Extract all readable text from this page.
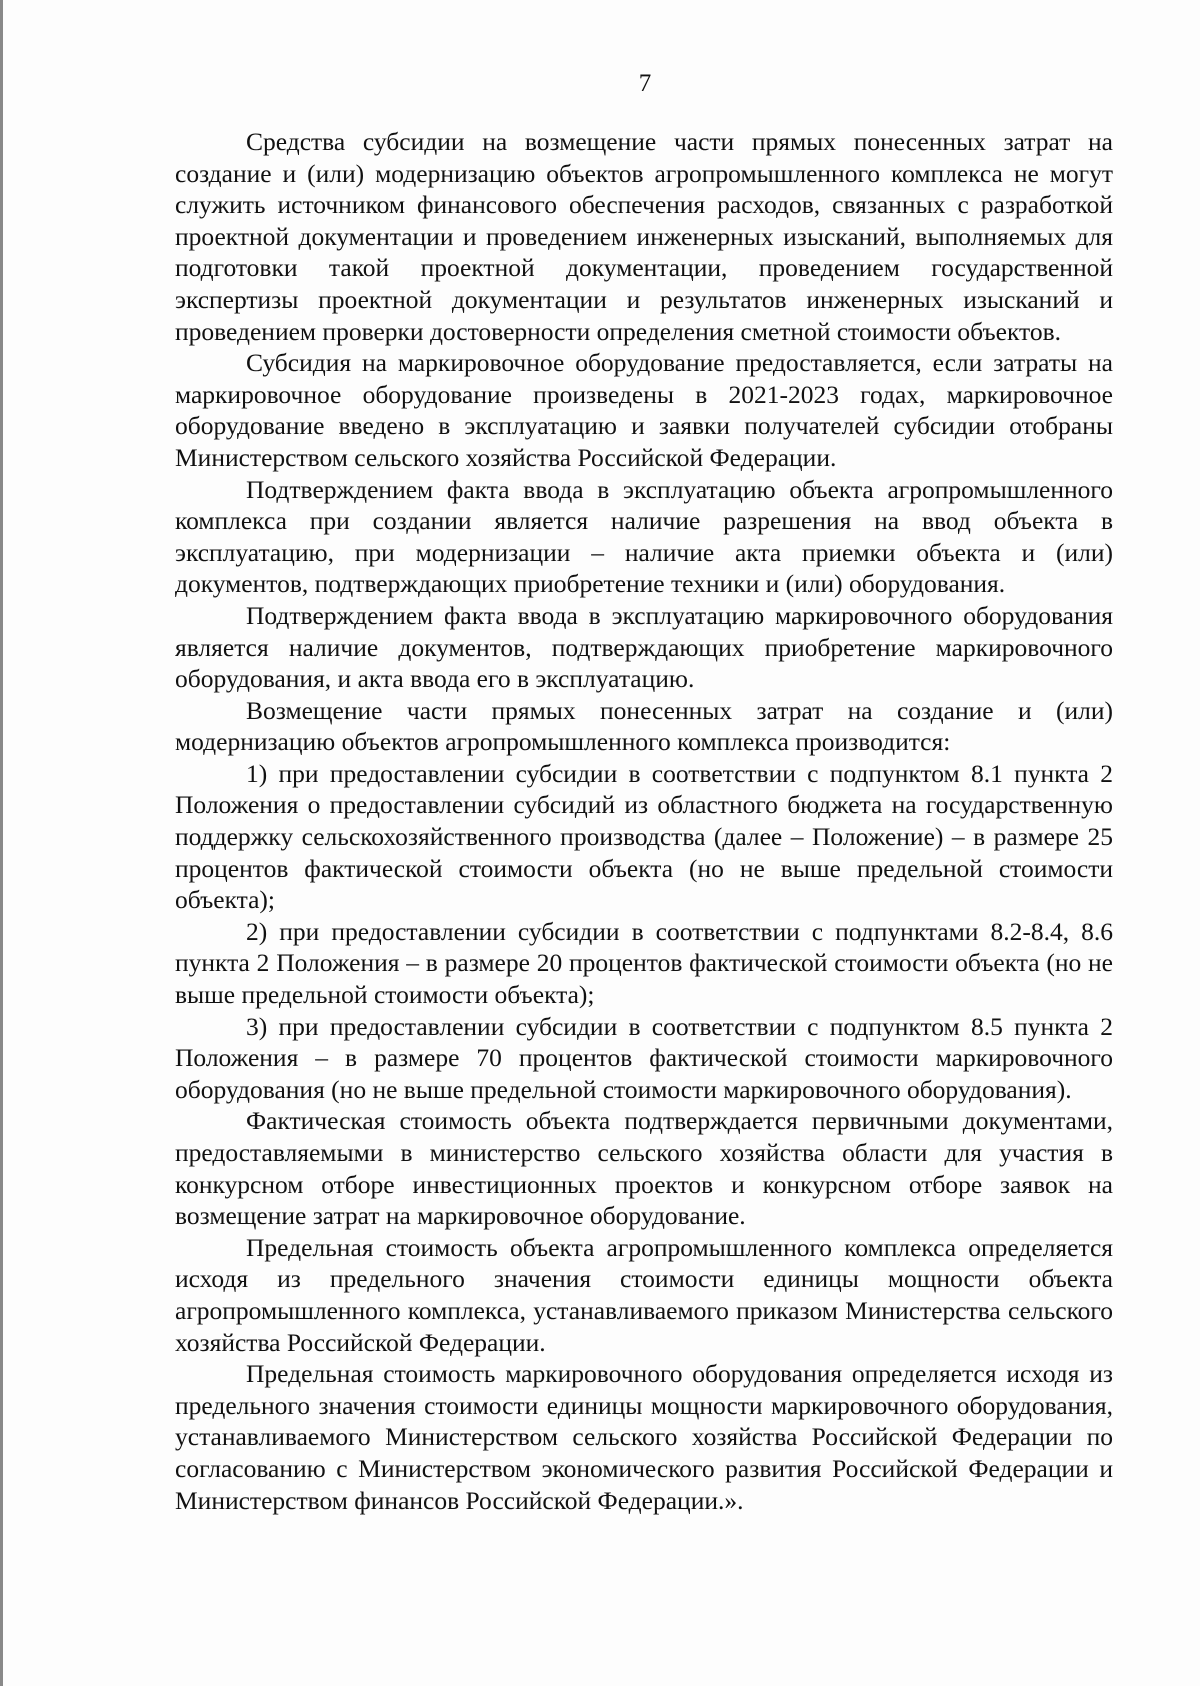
7

Средства субсидии на возмещение части прямых понесенных затрат на создание и (или) модернизацию объектов агропромышленного комплекса не могут служить источником финансового обеспечения расходов, связанных с разработкой проектной документации и проведением инженерных изысканий, выполняемых для подготовки такой проектной документации, проведением государственной экспертизы проектной документации и результатов инженерных изысканий и проведением проверки достоверности определения сметной стоимости объектов.

Субсидия на маркировочное оборудование предоставляется, если затраты на маркировочное оборудование произведены в 2021-2023 годах, маркировочное оборудование введено в эксплуатацию и заявки получателей субсидии отобраны Министерством сельского хозяйства Российской Федерации.

Подтверждением факта ввода в эксплуатацию объекта агропромышленного комплекса при создании является наличие разрешения на ввод объекта в эксплуатацию, при модернизации – наличие акта приемки объекта и (или) документов, подтверждающих приобретение техники и (или) оборудования.

Подтверждением факта ввода в эксплуатацию маркировочного оборудования является наличие документов, подтверждающих приобретение маркировочного оборудования, и акта ввода его в эксплуатацию.

Возмещение части прямых понесенных затрат на создание и (или) модернизацию объектов агропромышленного комплекса производится:

1) при предоставлении субсидии в соответствии с подпунктом 8.1 пункта 2 Положения о предоставлении субсидий из областного бюджета на государственную поддержку сельскохозяйственного производства (далее – Положение) – в размере 25 процентов фактической стоимости объекта (но не выше предельной стоимости объекта);

2) при предоставлении субсидии в соответствии с подпунктами 8.2-8.4, 8.6 пункта 2 Положения – в размере 20 процентов фактической стоимости объекта (но не выше предельной стоимости объекта);

3) при предоставлении субсидии в соответствии с подпунктом 8.5 пункта 2 Положения – в размере 70 процентов фактической стоимости маркировочного оборудования (но не выше предельной стоимости маркировочного оборудования).

Фактическая стоимость объекта подтверждается первичными документами, предоставляемыми в министерство сельского хозяйства области для участия в конкурсном отборе инвестиционных проектов и конкурсном отборе заявок на возмещение затрат на маркировочное оборудование.

Предельная стоимость объекта агропромышленного комплекса определяется исходя из предельного значения стоимости единицы мощности объекта агропромышленного комплекса, устанавливаемого приказом Министерства сельского хозяйства Российской Федерации.

Предельная стоимость маркировочного оборудования определяется исходя из предельного значения стоимости единицы мощности маркировочного оборудования, устанавливаемого Министерством сельского хозяйства Российской Федерации по согласованию с Министерством экономического развития Российской Федерации и Министерством финансов Российской Федерации.».
